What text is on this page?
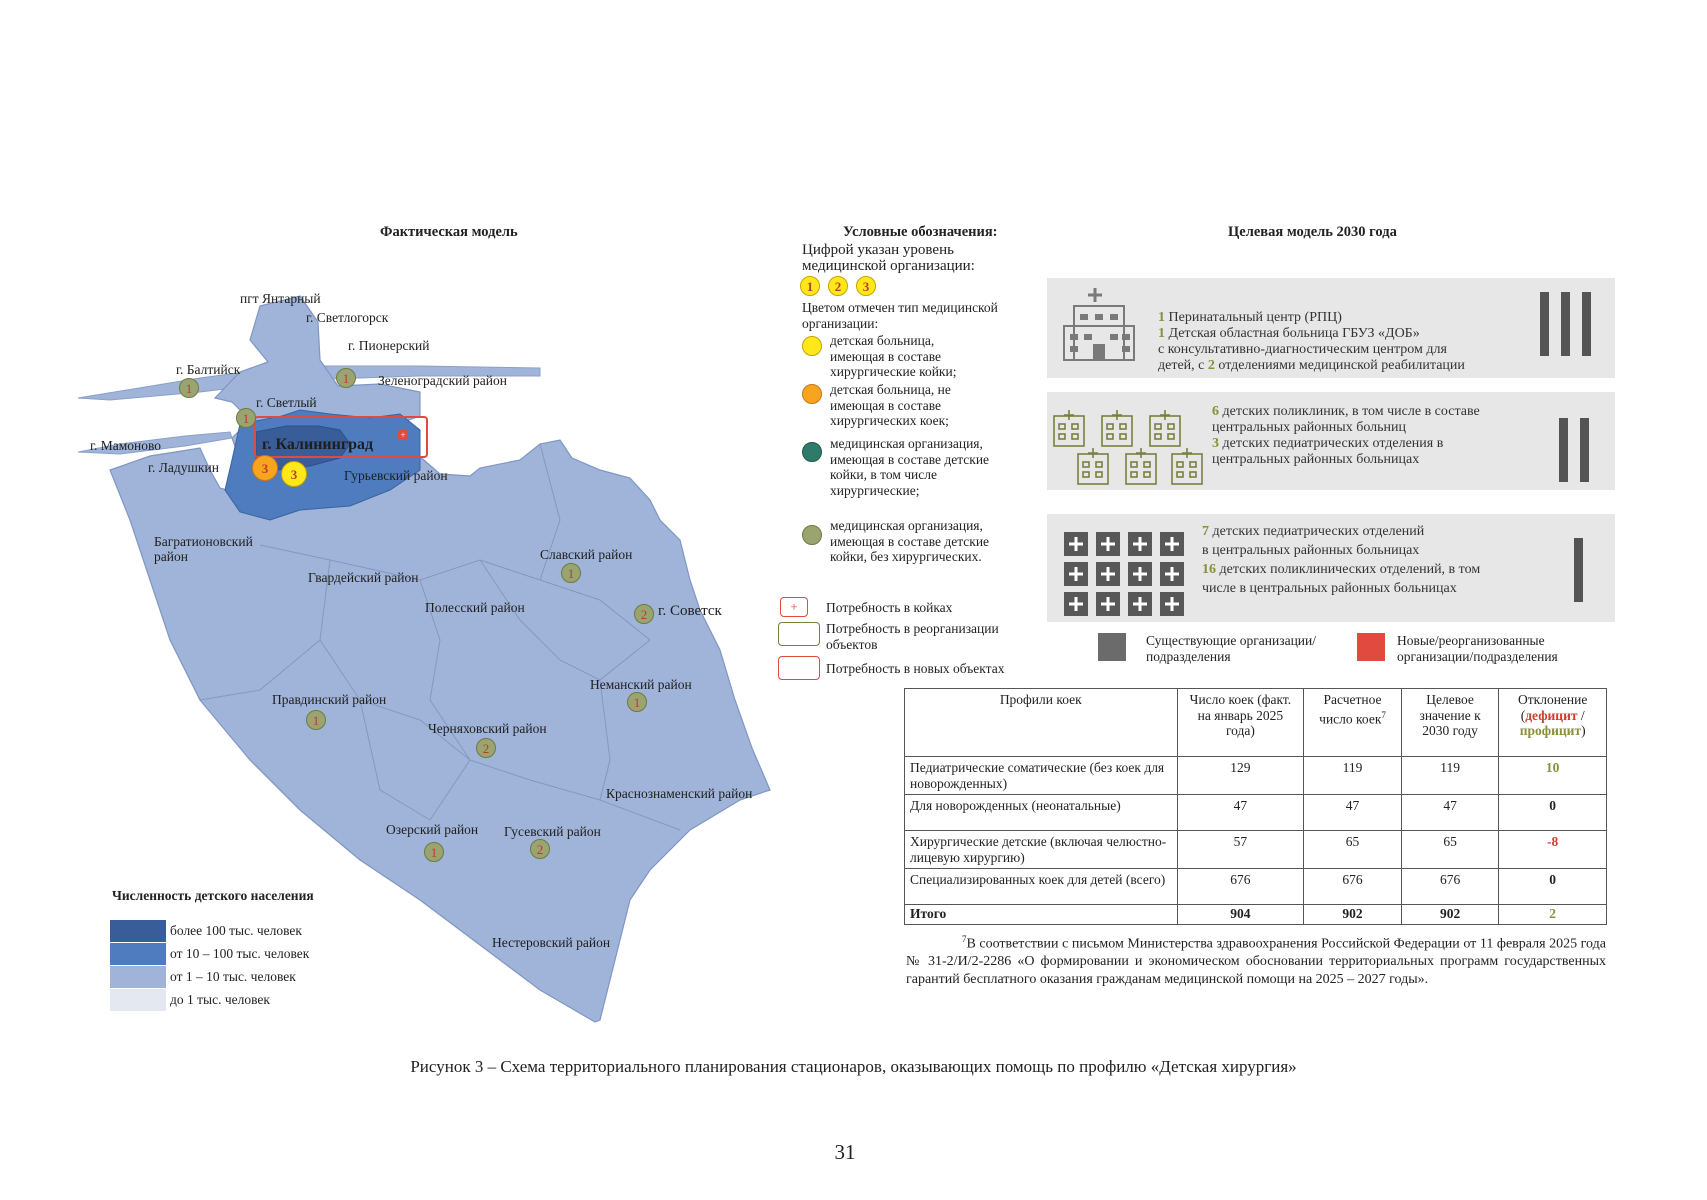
Фактическая модель
+
пгт Янтарный
г. Светлогорск
г. Пионерский
г. Балтийск
Зеленоградский район
г. Светлый
г. Мамоново	г. Калининград
г. Ладушкин
Гурьевский район
Багратионовский район
Гвардейский район
Славский район
Полесский район	г. Советск
Неманский район
Правдинский район
Черняховский район
Краснознаменский район
Озерский район Гусевский район
Нестеровский район
1
1
1
3	3
1
2
1
1
2
1	2
Численность детского населения
более 100 тыс. человек
от 10 – 100 тыс. человек
от 1 – 10 тыс. человек
до 1 тыс. человек
Условные обозначения:
Цифрой указан уровень медицинской организации:
1	2	3
Цветом отмечен тип медицинской организации:
детская больница, имеющая в составе хирургические койки;
детская больница, не имеющая в составе хирургических коек;
медицинская организация, имеющая в составе детские койки, в том числе хирургические;
медицинская организация, имеющая в составе детские койки, без хирургических.
+	Потребность в койках
Потребность в реорганизации объектов
Потребность в новых объектах
Целевая модель 2030 года
1 Перинатальный центр (РПЦ)
1 Детская областная больница ГБУЗ «ДОБ»
с консультативно-диагностическим центром для
детей, с 2 отделениями медицинской реабилитации
6 детских поликлиник, в том числе в составе
центральных районных больниц
3 детских педиатрических отделения в
центральных районных больницах
7 детских педиатрических отделений
в центральных районных больницах
16 детских поликлинических отделений, в том
числе в центральных районных больницах
Существующие организации/подразделения
Новые/реорганизованные организации/подразделения
Профили коек	Число коек (факт. на январь 2025 года)	Расчетное число коек$^7$	Целевое значение к 2030 году	Отклонение (дефицит / профицит)
Педиатрические соматические (без коек для новорожденных)	129	119	119	10
Для новорожденных (неонатальные)	47	47	47	0
Хирургические детские (включая челюстно-лицевую хирургию)	57	65	65	-8
Специализированных коек для детей (всего)	676	676	676	0
Итого	904	902	902	2
$^7$В соответствии с письмом Министерства здравоохранения Российской Федерации от 11 февраля 2025 года № 31-2/И/2-2286 «О формировании и экономическом обосновании территориальных программ государственных гарантий бесплатного оказания гражданам медицинской помощи на 2025 – 2027 годы».
Рисунок 3 – Схема территориального планирования стационаров, оказывающих помощь по профилю «Детская хирургия»
31
